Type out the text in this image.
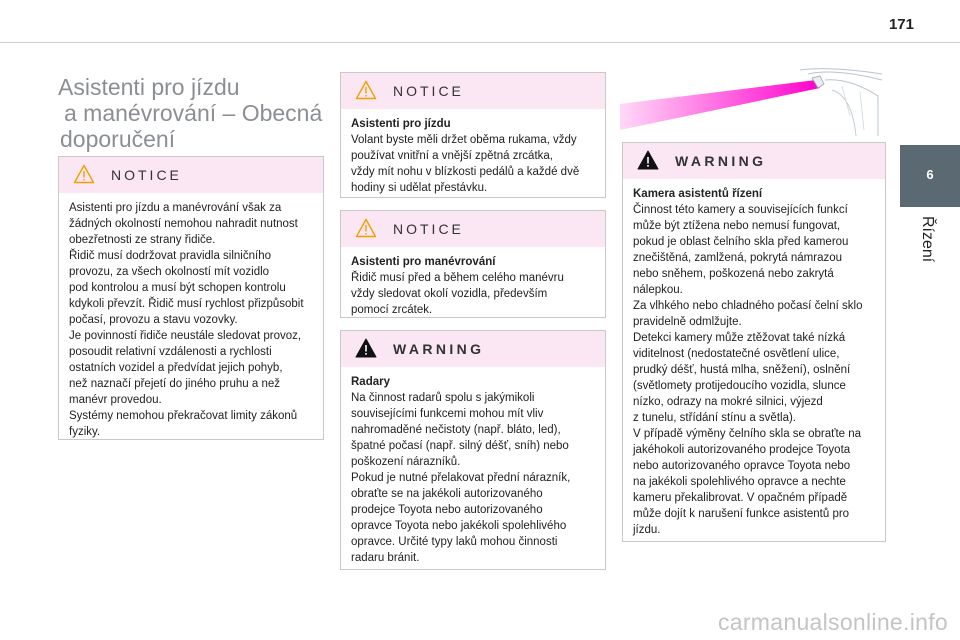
171
6
Řízení
Asistenti pro jízdu
a manévrování – Obecná
doporučení
NOTICE

Asistenti pro jízdu a manévrování však za

žádných okolností nemohou nahradit nutnost

obezřetnosti ze strany řidiče.

Řidič musí dodržovat pravidla silničního

provozu, za všech okolností mít vozidlo

pod kontrolou a musí být schopen kontrolu

kdykoli převzít. Řidič musí rychlost přizpůsobit

počasí, provozu a stavu vozovky.

Je povinností řidiče neustále sledovat provoz,

posoudit relativní vzdálenosti a rychlosti

ostatních vozidel a předvídat jejich pohyb,

než naznačí přejetí do jiného pruhu a než

manévr provedou.

Systémy nemohou překračovat limity zákonů

fyziky.

NOTICE

Asistenti pro jízdu

Volant byste měli držet oběma rukama, vždy

používat vnitřní a vnější zpětná zrcátka,

vždy mít nohu v blízkosti pedálů a každé dvě

hodiny si udělat přestávku.

NOTICE

Asistenti pro manévrování

Řidič musí před a během celého manévru

vždy sledovat okolí vozidla, především

pomocí zrcátek.

WARNING

Radary

Na činnost radarů spolu s jakýmikoli

souvisejícími funkcemi mohou mít vliv

nahromaděné nečistoty (např. bláto, led),

špatné počasí (např. silný déšť, sníh) nebo

poškození nárazníků.

Pokud je nutné přelakovat přední nárazník,

obraťte se na jakékoli autorizovaného

prodejce Toyota nebo autorizovaného

opravce Toyota nebo jakékoli spolehlivého

opravce. Určité typy laků mohou činnosti

radaru bránit.

WARNING

Kamera asistentů řízení

Činnost této kamery a souvisejících funkcí

může být ztížena nebo nemusí fungovat,

pokud je oblast čelního skla před kamerou

znečištěná, zamlžená, pokrytá námrazou

nebo sněhem, poškozená nebo zakrytá

nálepkou.

Za vlhkého nebo chladného počasí čelní sklo

pravidelně odmlžujte.

Detekci kamery může ztěžovat také nízká

viditelnost (nedostatečné osvětlení ulice,

prudký déšť, hustá mlha, sněžení), oslnění

(světlomety protijedoucího vozidla, slunce

nízko, odrazy na mokré silnici, výjezd

z tunelu, střídání stínu a světla).

V případě výměny čelního skla se obraťte na

jakéhokoli autorizovaného prodejce Toyota

nebo autorizovaného opravce Toyota nebo

na jakékoli spolehlivého opravce a nechte

kameru překalibrovat. V opačném případě

může dojít k narušení funkce asistentů pro

jízdu.

carmanualsonline.info
